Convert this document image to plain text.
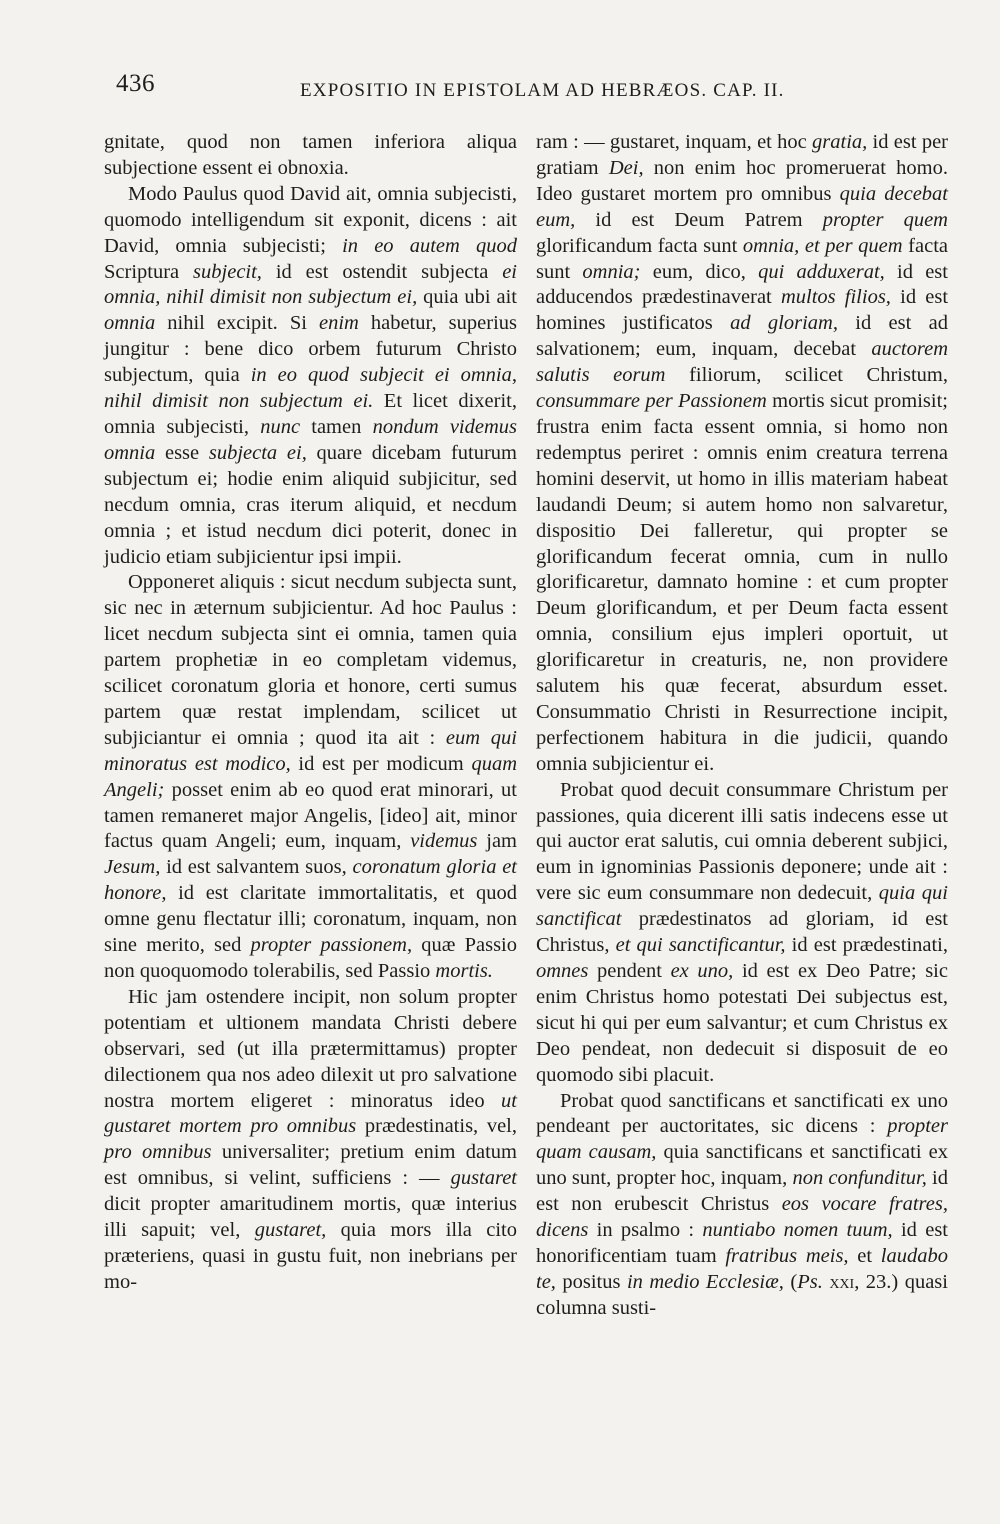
436	EXPOSITIO IN EPISTOLAM AD HEBRÆOS. CAP. II.

gnitate, quod non tamen inferiora aliqua subjectione essent ei obnoxia.

Modo Paulus quod David ait, omnia subjecisti, quomodo intelligendum sit exponit, dicens : ait David, omnia subjecisti; in eo autem quod Scriptura subjecit, id est ostendit subjecta ei omnia, nihil dimisit non subjectum ei, quia ubi ait omnia nihil excipit. Si enim habetur, superius jungitur : bene dico orbem futurum Christo subjectum, quia in eo quod subjecit ei omnia, nihil dimisit non subjectum ei. Et licet dixerit, omnia subjecisti, nunc tamen nondum videmus omnia esse subjecta ei, quare dicebam futurum subjectum ei; hodie enim aliquid subjicitur, sed necdum omnia, cras iterum aliquid, et necdum omnia ; et istud necdum dici poterit, donec in judicio etiam subjicientur ipsi impii.

Opponeret aliquis : sicut necdum subjecta sunt, sic nec in æternum subjicientur. Ad hoc Paulus : licet necdum subjecta sint ei omnia, tamen quia partem prophetiæ in eo completam videmus, scilicet coronatum gloria et honore, certi sumus partem quæ restat implendam, scilicet ut subjiciantur ei omnia ; quod ita ait : eum qui minoratus est modico, id est per modicum quam Angeli; posset enim ab eo quod erat minorari, ut tamen remaneret major Angelis, [ideo] ait, minor factus quam Angeli; eum, inquam, videmus jam Jesum, id est salvantem suos, coronatum gloria et honore, id est claritate immortalitatis, et quod omne genu flectatur illi; coronatum, inquam, non sine merito, sed propter passionem, quæ Passio non quoquomodo tolerabilis, sed Passio mortis.

Hic jam ostendere incipit, non solum propter potentiam et ultionem mandata Christi debere observari, sed (ut illa prætermittamus) propter dilectionem qua nos adeo dilexit ut pro salvatione nostra mortem eligeret : minoratus ideo ut gustaret mortem pro omnibus prædestinatis, vel, pro omnibus universaliter; pretium enim datum est omnibus, si velint, sufficiens : — gustaret dicit propter amaritudinem mortis, quæ interius illi sapuit; vel, gustaret, quia mors illa cito præteriens, quasi in gustu fuit, non inebrians per mo-

ram : — gustaret, inquam, et hoc gratia, id est per gratiam Dei, non enim hoc promeruerat homo. Ideo gustaret mortem pro omnibus quia decebat eum, id est Deum Patrem propter quem glorificandum facta sunt omnia, et per quem facta sunt omnia; eum, dico, qui adduxerat, id est adducendos prædestinaverat multos filios, id est homines justificatos ad gloriam, id est ad salvationem; eum, inquam, decebat auctorem salutis eorum filiorum, scilicet Christum, consummare per Passionem mortis sicut promisit; frustra enim facta essent omnia, si homo non redemptus periret : omnis enim creatura terrena homini deservit, ut homo in illis materiam habeat laudandi Deum; si autem homo non salvaretur, dispositio Dei falleretur, qui propter se glorificandum fecerat omnia, cum in nullo glorificaretur, damnato homine : et cum propter Deum glorificandum, et per Deum facta essent omnia, consilium ejus impleri oportuit, ut glorificaretur in creaturis, ne, non providere salutem his quæ fecerat, absurdum esset. Consummatio Christi in Resurrectione incipit, perfectionem habitura in die judicii, quando omnia subjicientur ei.

Probat quod decuit consummare Christum per passiones, quia dicerent illi satis indecens esse ut qui auctor erat salutis, cui omnia deberent subjici, eum in ignominias Passionis deponere; unde ait : vere sic eum consummare non dedecuit, quia qui sanctificat prædestinatos ad gloriam, id est Christus, et qui sanctificantur, id est prædestinati, omnes pendent ex uno, id est ex Deo Patre; sic enim Christus homo potestati Dei subjectus est, sicut hi qui per eum salvantur; et cum Christus ex Deo pendeat, non dedecuit si disposuit de eo quomodo sibi placuit.

Probat quod sanctificans et sanctificati ex uno pendeant per auctoritates, sic dicens : propter quam causam, quia sanctificans et sanctificati ex uno sunt, propter hoc, inquam, non confunditur, id est non erubescit Christus eos vocare fratres, dicens in psalmo : nuntiabo nomen tuum, id est honorificentiam tuam fratribus meis, et laudabo te, positus in medio Ecclesiæ, (Ps. xxi, 23.) quasi columna susti-
